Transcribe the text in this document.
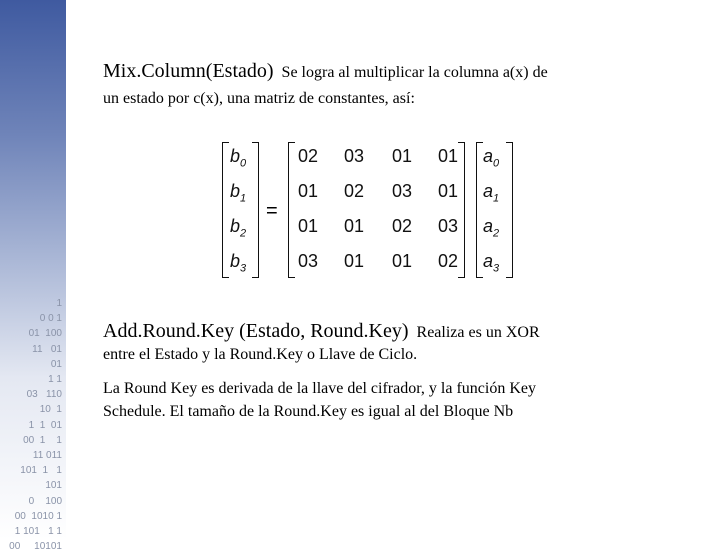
1
0 0 1
01  100
11   01
01
1 1
03   110
10  1
1  1  01
00  1    1
11 011
101  1   1
101
0    100
00  1010 1
1 101   1 1
00     10101
Mix.Column(Estado) Se logra al multiplicar la columna a(x) de
un estado por c(x), una matriz de constantes, así:
$b_0$
$b_1$
$b_2$
$b_3$
=
02 03 01 01
01 02 03 01
01 01 02 03
03 01 01 02
$a_0$
$a_1$
$a_2$
$a_3$
Add.Round.Key (Estado, Round.Key) Realiza es un XOR
entre el Estado y la Round.Key o Llave de Ciclo.
La Round Key es derivada de la llave del cifrador, y la función Key
Schedule. El tamaño de la Round.Key es igual al del Bloque Nb
